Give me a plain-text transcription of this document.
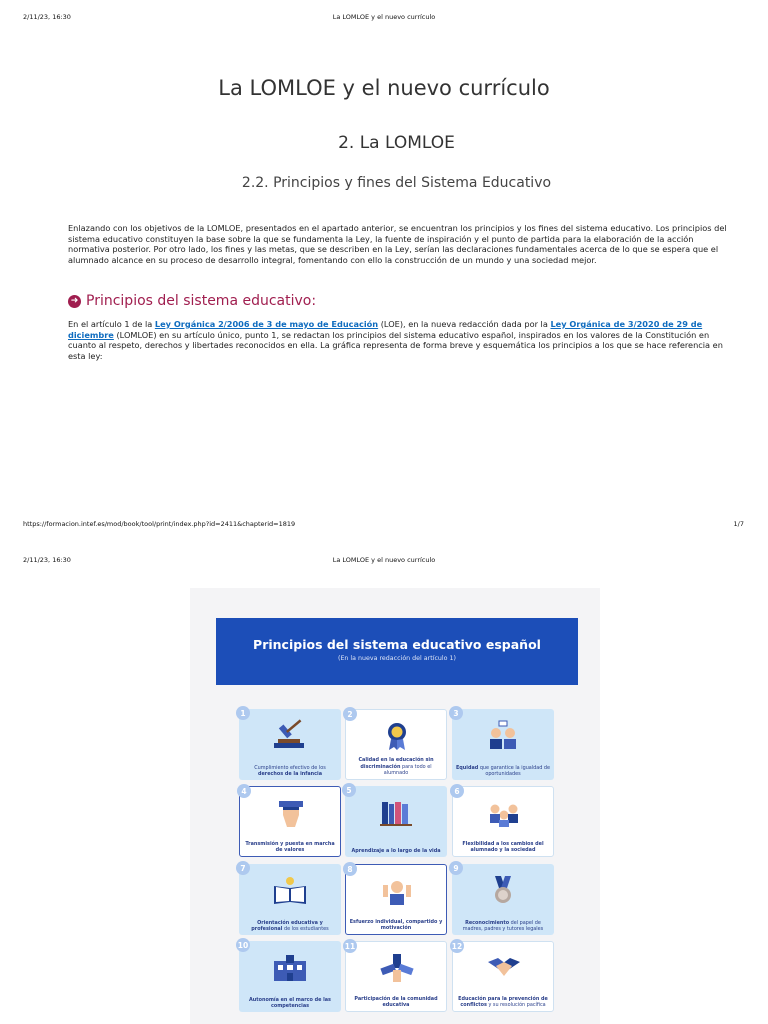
2/11/23, 16:30	La LOMLOE y el nuevo currículo
La LOMLOE y el nuevo currículo
2. La LOMLOE
2.2. Principios y fines del Sistema Educativo

Enlazando con los objetivos de la LOMLOE, presentados en el apartado anterior, se encuentran los principios y los fines del sistema educativo. Los principios del sistema educativo constituyen la base sobre la que se fundamenta la Ley, la fuente de inspiración y el punto de partida para la elaboración de la acción normativa posterior. Por otro lado, los fines y las metas, que se describen en la Ley, serían las declaraciones fundamentales acerca de lo que se espera que el alumnado alcance en su proceso de desarrollo integral, fomentando con ello la construcción de un mundo y una sociedad mejor.

➜ Principios del sistema educativo:

En el artículo 1 de la Ley Orgánica 2/2006 de 3 de mayo de Educación (LOE), en la nueva redacción dada por la Ley Orgánica de 3/2020 de 29 de diciembre (LOMLOE) en su artículo único, punto 1, se redactan los principios del sistema educativo español, inspirados en los valores de la Constitución en cuanto al respeto, derechos y libertades reconocidos en ella. La gráfica representa de forma breve y esquemática los principios a los que se hace referencia en esta ley:

https://formacion.intef.es/mod/book/tool/print/index.php?id=2411&chapterid=1819	1/7
2/11/23, 16:30	La LOMLOE y el nuevo currículo
Principios del sistema educativo español
(En la nueva redacción del artículo 1)
1
Cumplimiento efectivo de los derechos de la infancia
2
Calidad en la educación sin discriminación para todo el alumnado
3
Equidad que garantice la igualdad de oportunidades
4
Transmisión y puesta en marcha de valores
5
Aprendizaje a lo largo de la vida
6
Flexibilidad a los cambios del alumnado y la sociedad
7
Orientación educativa y profesional de los estudiantes
8
Esfuerzo individual, compartido y motivación
9
Reconocimiento del papel de madres, padres y tutores legales
10
Autonomía en el marco de las competencias
11
Participación de la comunidad educativa
12
Educación para la prevención de conflictos y su resolución pacífica
